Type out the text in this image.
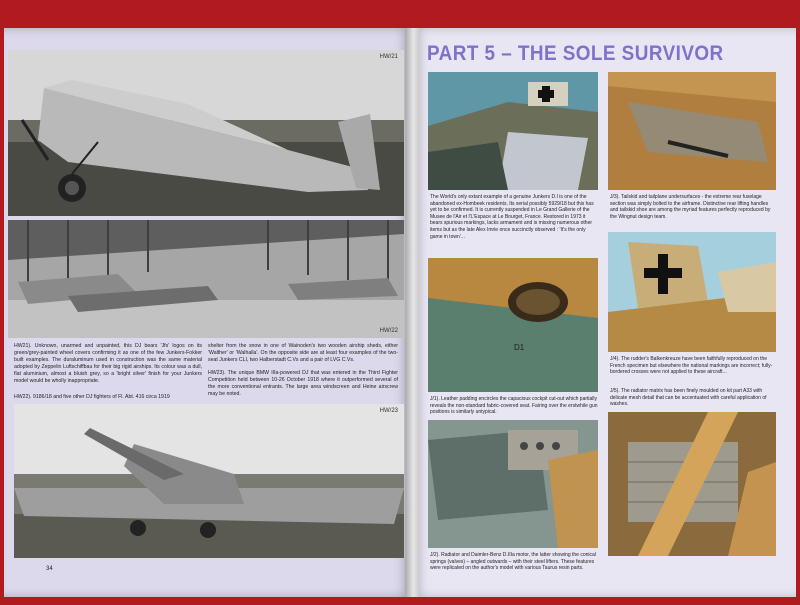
HW/21
HW/22
HW21). Unknown, unarmed and unpainted, this DJ bears 'Jfs' logos on its green/grey-painted wheel covers confirming it as one of the few Junkers-Fokker built examples. The duraluminum used in construction was the same material adopted by Zeppelin Luftschiffbau for their big rigid airships. Its colour was a dull, flat aluminium, almost a bluish grey, so a 'bright silver' finish for your Junkers model would be wholly inappropriate.
HW22). 9186/18 and five other DJ fighters of Fl. Abt. 416 circa 1919
shelter from the snow in one of Wainoden's two wooden airship sheds, either 'Walther' or 'Walhalla'. On the opposite side are at least four examples of the two-seat Junkers CLI, two Halberstadt C.Vs and a pair of LVG C.Vs.
HW23). The unique BMW IIIa-powered DJ that was entered in the Third Fighter Competition held between 10-26 October 1918 where it outperformed several of the more conventional entrants. The large area windscreen and Heine airscrew may be noted.
HW/23
34
PART 5 – THE SOLE SURVIVOR
The World's only extant example of a genuine Junkers D.I is one of the abandoned ex-Hombeek residents. Its serial possibly 5929/18 but this has yet to be confirmed. It is currently suspended in Le Grand Gallerie of the Musee de l'Air et l'L'Espace at Le Bourget, France. Restored in 1973 it bears spurious markings, lacks armament and is missing numerous other items but as the late Alex Imrie once succinctly observed : 'It's the only game in town'...
J/3). Tailskid and tailplane undersurfaces - the extreme rear fuselage section was simply bolted to the airframe. Distinctive rear lifting handles and tailskid shoe are among the myriad features perfectly reproduced by the Wingnut design team.
D1
J/1). Leather padding encircles the capacious cockpit cut-out which partially reveals the non-standard fabric-covered seat. Fairing over the erstwhile gun positions is similarly untypical.
J/4). The rudder's Balkenkreuze have been faithfully reproduced on the French specimen but elsewhere the national markings are incorrect; fully-bordered crosses were not applied to these aircraft...
J/5). The radiator matrix has been finely moulded on kit part A33 with delicate mesh detail that can be accentuated with careful application of washes.
J/2). Radiator and Daimler-Benz D.IIIa motor, the latter showing the conical springs (valves) – angled outwards – with their steel lifters. These features were replicated on the author's model with various Taurus resin parts.
